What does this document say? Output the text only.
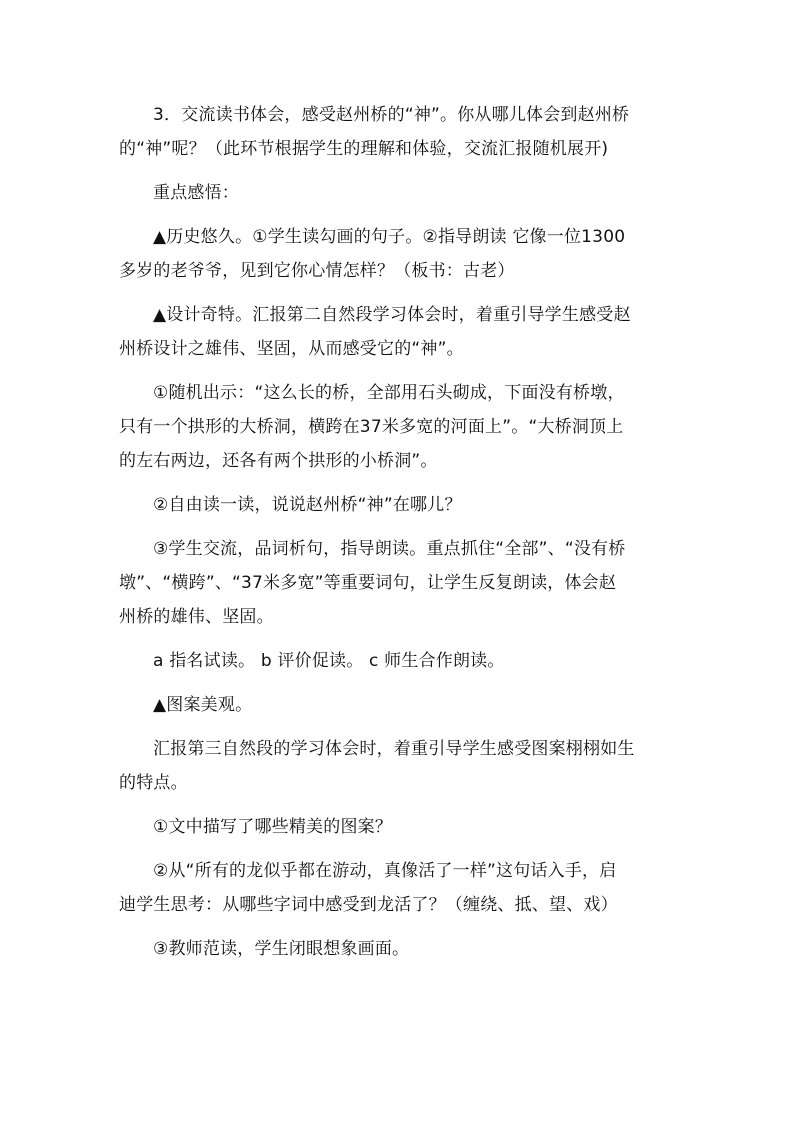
3．交流读书体会，感受赵州桥的“神”。你从哪儿体会到赵州桥
的“神”呢？（此环节根据学生的理解和体验，交流汇报随机展开)
重点感悟：
▲历史悠久。①学生读勾画的句子。②指导朗读 它像一位1300
多岁的老爷爷，见到它你心情怎样？（板书：古老）
▲设计奇特。汇报第二自然段学习体会时，着重引导学生感受赵
州桥设计之雄伟、坚固，从而感受它的“神”。
①随机出示：“这么长的桥，全部用石头砌成，下面没有桥墩，
只有一个拱形的大桥洞，横跨在37米多宽的河面上”。“大桥洞顶上
的左右两边，还各有两个拱形的小桥洞”。
②自由读一读，说说赵州桥“神”在哪儿？
③学生交流，品词析句，指导朗读。重点抓住“全部”、“没有桥
墩”、“横跨”、“37米多宽”等重要词句，让学生反复朗读，体会赵
州桥的雄伟、坚固。
a 指名试读。 b 评价促读。 c 师生合作朗读。
▲图案美观。
汇报第三自然段的学习体会时，着重引导学生感受图案栩栩如生
的特点。
①文中描写了哪些精美的图案？
②从“所有的龙似乎都在游动，真像活了一样”这句话入手，启
迪学生思考：从哪些字词中感受到龙活了？（缠绕、抵、望、戏）
③教师范读，学生闭眼想象画面。
